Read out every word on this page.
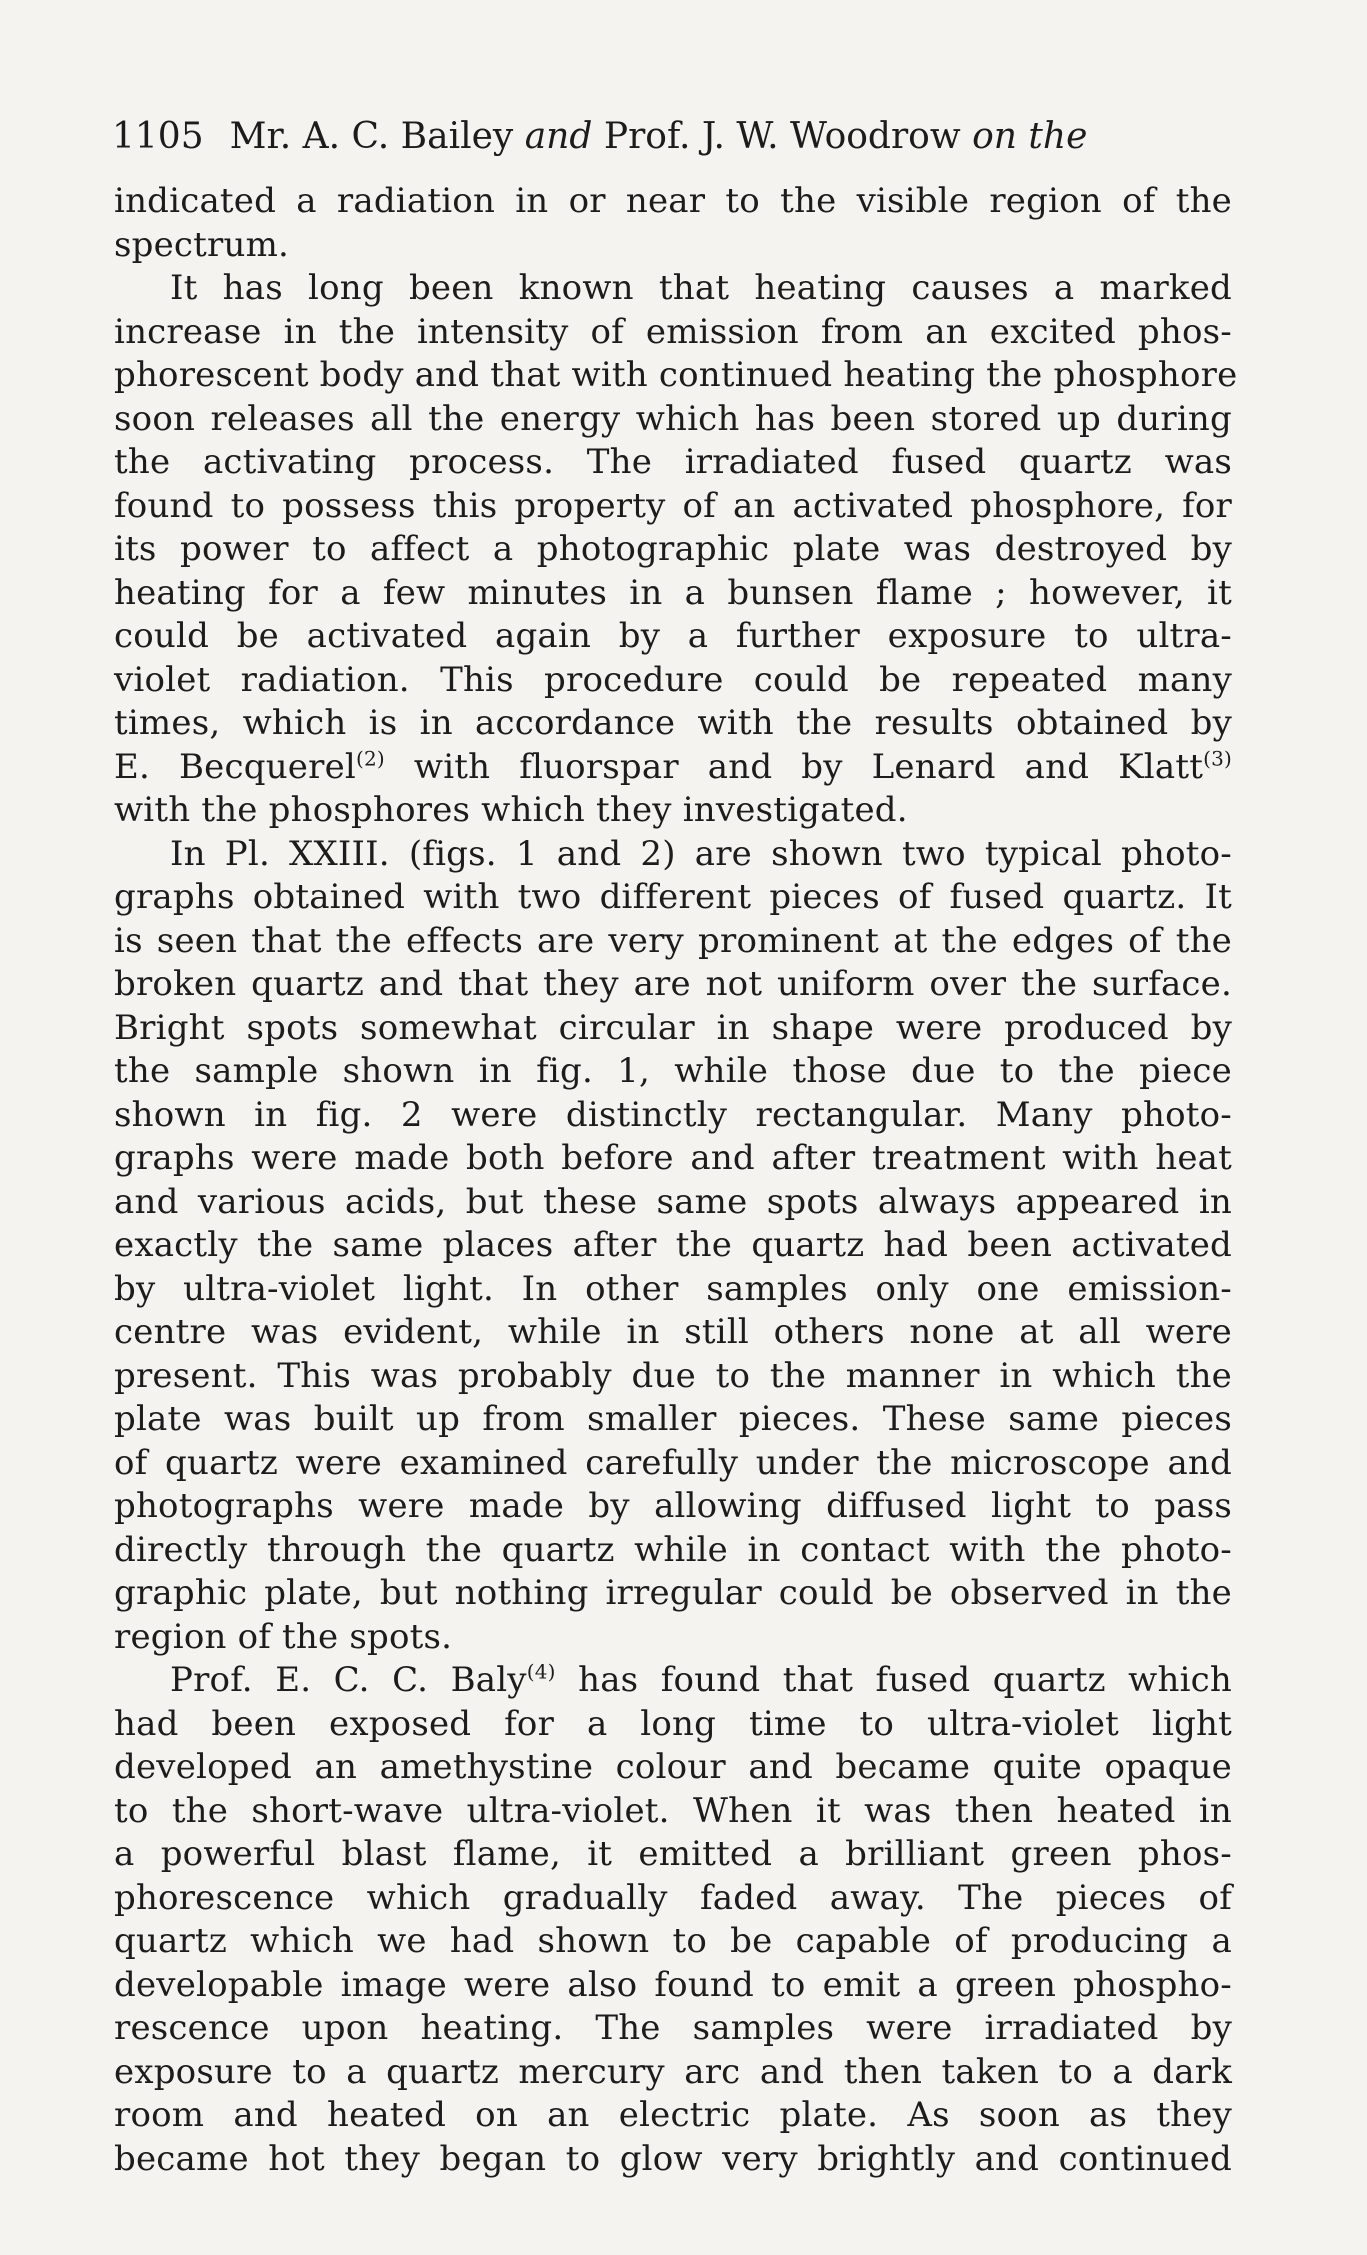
1105 Mr. A. C. Bailey and Prof. J. W. Woodrow on the
indicated a radiation in or near to the visible region of the
spectrum.
It has long been known that heating causes a marked
increase in the intensity of emission from an excited phos-
phorescent body and that with continued heating the phosphore
soon releases all the energy which has been stored up during
the activating process. The irradiated fused quartz was
found to possess this property of an activated phosphore, for
its power to affect a photographic plate was destroyed by
heating for a few minutes in a bunsen flame ; however, it
could be activated again by a further exposure to ultra-
violet radiation. This procedure could be repeated many
times, which is in accordance with the results obtained by
E. Becquerel$^{(2)}$ with fluorspar and by Lenard and Klatt$^{(3)}$
with the phosphores which they investigated.
In Pl. XXIII. (figs. 1 and 2) are shown two typical photo-
graphs obtained with two different pieces of fused quartz. It
is seen that the effects are very prominent at the edges of the
broken quartz and that they are not uniform over the surface.
Bright spots somewhat circular in shape were produced by
the sample shown in fig. 1, while those due to the piece
shown in fig. 2 were distinctly rectangular. Many photo-
graphs were made both before and after treatment with heat
and various acids, but these same spots always appeared in
exactly the same places after the quartz had been activated
by ultra-violet light. In other samples only one emission-
centre was evident, while in still others none at all were
present. This was probably due to the manner in which the
plate was built up from smaller pieces. These same pieces
of quartz were examined carefully under the microscope and
photographs were made by allowing diffused light to pass
directly through the quartz while in contact with the photo-
graphic plate, but nothing irregular could be observed in the
region of the spots.
Prof. E. C. C. Baly$^{(4)}$ has found that fused quartz which
had been exposed for a long time to ultra-violet light
developed an amethystine colour and became quite opaque
to the short-wave ultra-violet. When it was then heated in
a powerful blast flame, it emitted a brilliant green phos-
phorescence which gradually faded away. The pieces of
quartz which we had shown to be capable of producing a
developable image were also found to emit a green phospho-
rescence upon heating. The samples were irradiated by
exposure to a quartz mercury arc and then taken to a dark
room and heated on an electric plate. As soon as they
became hot they began to glow very brightly and continued
